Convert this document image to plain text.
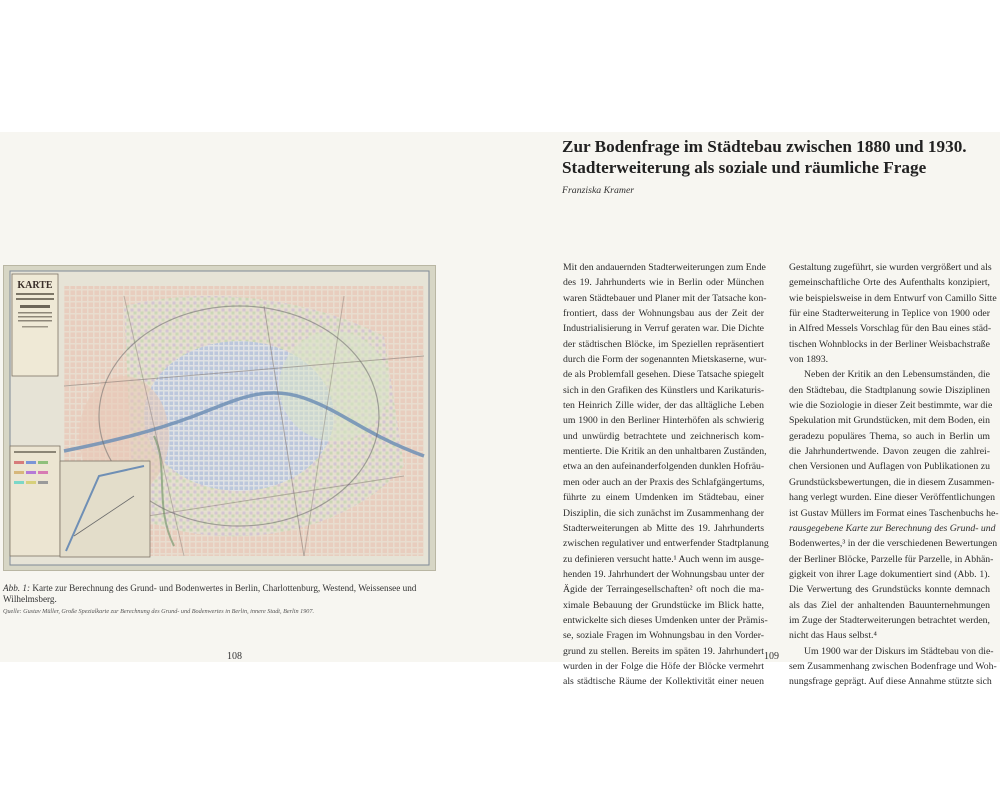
KARTE
Abb. 1: Karte zur Berechnung des Grund- und Bodenwertes in Berlin, Charlottenburg, Westend, Weissensee und Wilhelmsberg.
Quelle: Gustav Müller, Große Spezialkarte zur Berechnung des Grund- und Bodenwertes in Berlin, innere Stadt, Berlin 1907.
108
Zur Bodenfrage im Städtebau zwischen 1880 und 1930.
Stadterweiterung als soziale und räumliche Frage
Franziska Kramer

Mit den andauernden Stadterweiterungen zum Ende
des 19. Jahrhunderts wie in Berlin oder München
waren Städtebauer und Planer mit der Tatsache kon-
frontiert, dass der Wohnungsbau aus der Zeit der
Industrialisierung in Verruf geraten war. Die Dichte
der städtischen Blöcke, im Speziellen repräsentiert
durch die Form der sogenannten Mietskaserne, wur-
de als Problemfall gesehen. Diese Tatsache spiegelt
sich in den Grafiken des Künstlers und Karikaturis-
ten Heinrich Zille wider, der das alltägliche Leben
um 1900 in den Berliner Hinterhöfen als schwierig
und unwürdig betrachtete und zeichnerisch kom-
mentierte. Die Kritik an den unhaltbaren Zuständen,
etwa an den aufeinanderfolgenden dunklen Hofräu-
men oder auch an der Praxis des Schlafgängertums,
führte zu einem Umdenken im Städtebau, einer
Disziplin, die sich zunächst im Zusammenhang der
Stadterweiterungen ab Mitte des 19. Jahrhunderts
zwischen regulativer und entwerfender Stadtplanung
zu definieren versucht hatte.¹ Auch wenn im ausge-
henden 19. Jahrhundert der Wohnungsbau unter der
Ägide der Terraingesellschaften² oft noch die ma-
ximale Bebauung der Grundstücke im Blick hatte,
entwickelte sich dieses Umdenken unter der Prämis-
se, soziale Fragen im Wohnungsbau in den Vorder-
grund zu stellen. Bereits im späten 19. Jahrhundert
wurden in der Folge die Höfe der Blöcke vermehrt
als städtische Räume der Kollektivität einer neuen

Gestaltung zugeführt, sie wurden vergrößert und als
gemeinschaftliche Orte des Aufenthalts konzipiert,
wie beispielsweise in dem Entwurf von Camillo Sitte
für eine Stadterweiterung in Teplice von 1900 oder
in Alfred Messels Vorschlag für den Bau eines städ-
tischen Wohnblocks in der Berliner Weisbachstraße
von 1893.

Neben der Kritik an den Lebensumständen, die
den Städtebau, die Stadtplanung sowie Disziplinen
wie die Soziologie in dieser Zeit bestimmte, war die
Spekulation mit Grundstücken, mit dem Boden, ein
geradezu populäres Thema, so auch in Berlin um
die Jahrhundertwende. Davon zeugen die zahlrei-
chen Versionen und Auflagen von Publikationen zu
Grundstücksbewertungen, die in diesem Zusammen-
hang verlegt wurden. Eine dieser Veröffentlichungen
ist Gustav Müllers im Format eines Taschenbuchs he-
rausgegebene Karte zur Berechnung des Grund- und
Bodenwertes,³ in der die verschiedenen Bewertungen
der Berliner Blöcke, Parzelle für Parzelle, in Abhän-
gigkeit von ihrer Lage dokumentiert sind (Abb. 1).
Die Verwertung des Grundstücks konnte demnach
als das Ziel der anhaltenden Bauunternehmungen
im Zuge der Stadterweiterungen betrachtet werden,
nicht das Haus selbst.⁴

Um 1900 war der Diskurs im Städtebau von die-
sem Zusammenhang zwischen Bodenfrage und Woh-
nungsfrage geprägt. Auf diese Annahme stützte sich

109
